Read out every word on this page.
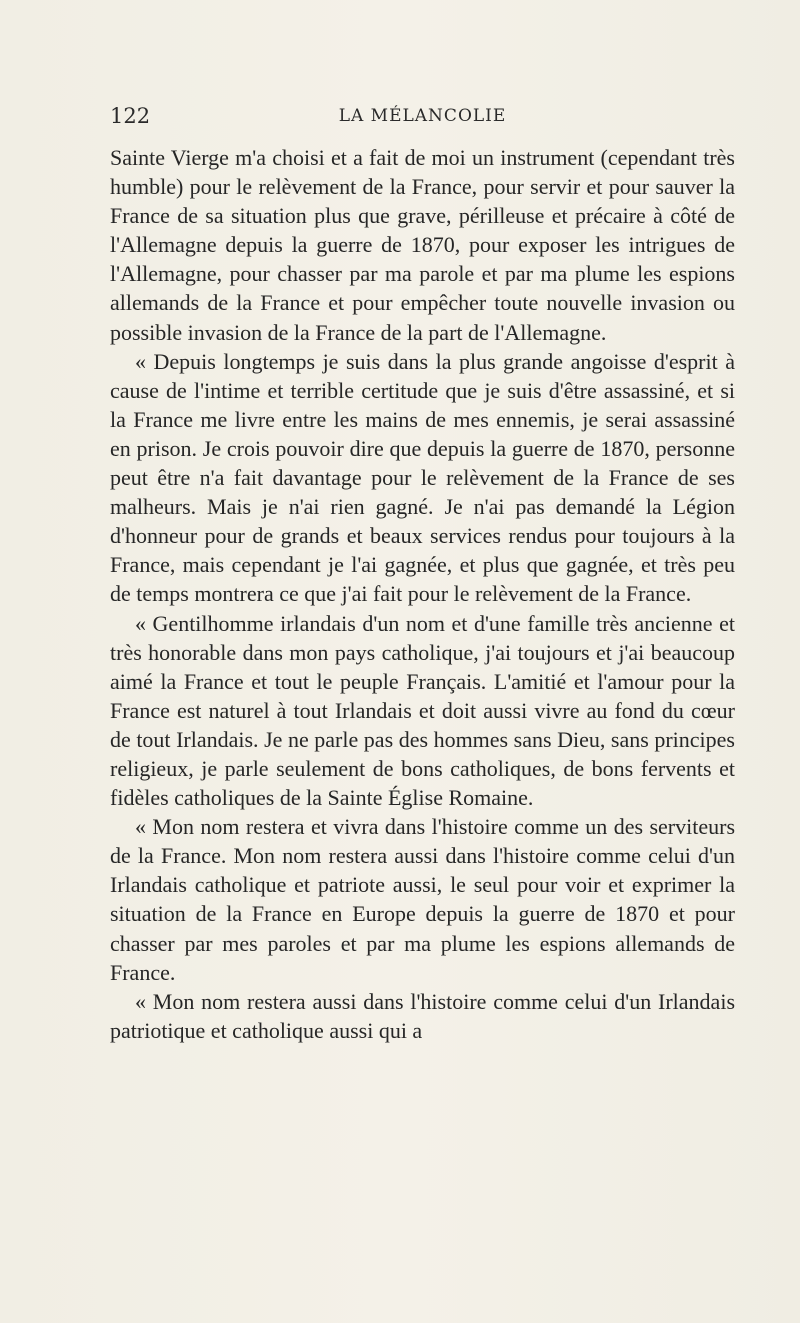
122	LA MÉLANCOLIE

Sainte Vierge m'a choisi et a fait de moi un instrument (cependant très humble) pour le relèvement de la France, pour servir et pour sauver la France de sa situation plus que grave, périlleuse et précaire à côté de l'Allemagne depuis la guerre de 1870, pour exposer les intrigues de l'Allemagne, pour chasser par ma parole et par ma plume les espions allemands de la France et pour empêcher toute nouvelle invasion ou possible invasion de la France de la part de l'Allemagne.

« Depuis longtemps je suis dans la plus grande angoisse d'esprit à cause de l'intime et terrible certitude que je suis d'être assassiné, et si la France me livre entre les mains de mes ennemis, je serai assassiné en prison. Je crois pouvoir dire que depuis la guerre de 1870, personne peut être n'a fait davantage pour le relèvement de la France de ses malheurs. Mais je n'ai rien gagné. Je n'ai pas demandé la Légion d'honneur pour de grands et beaux services rendus pour toujours à la France, mais cependant je l'ai gagnée, et plus que gagnée, et très peu de temps montrera ce que j'ai fait pour le relèvement de la France.

« Gentilhomme irlandais d'un nom et d'une famille très ancienne et très honorable dans mon pays catholique, j'ai toujours et j'ai beaucoup aimé la France et tout le peuple Français. L'amitié et l'amour pour la France est naturel à tout Irlandais et doit aussi vivre au fond du cœur de tout Irlandais. Je ne parle pas des hommes sans Dieu, sans principes religieux, je parle seulement de bons catholiques, de bons fervents et fidèles catholiques de la Sainte Église Romaine.

« Mon nom restera et vivra dans l'histoire comme un des serviteurs de la France. Mon nom restera aussi dans l'histoire comme celui d'un Irlandais catholique et patriote aussi, le seul pour voir et exprimer la situation de la France en Europe depuis la guerre de 1870 et pour chasser par mes paroles et par ma plume les espions allemands de France.

« Mon nom restera aussi dans l'histoire comme celui d'un Irlandais patriotique et catholique aussi qui a
